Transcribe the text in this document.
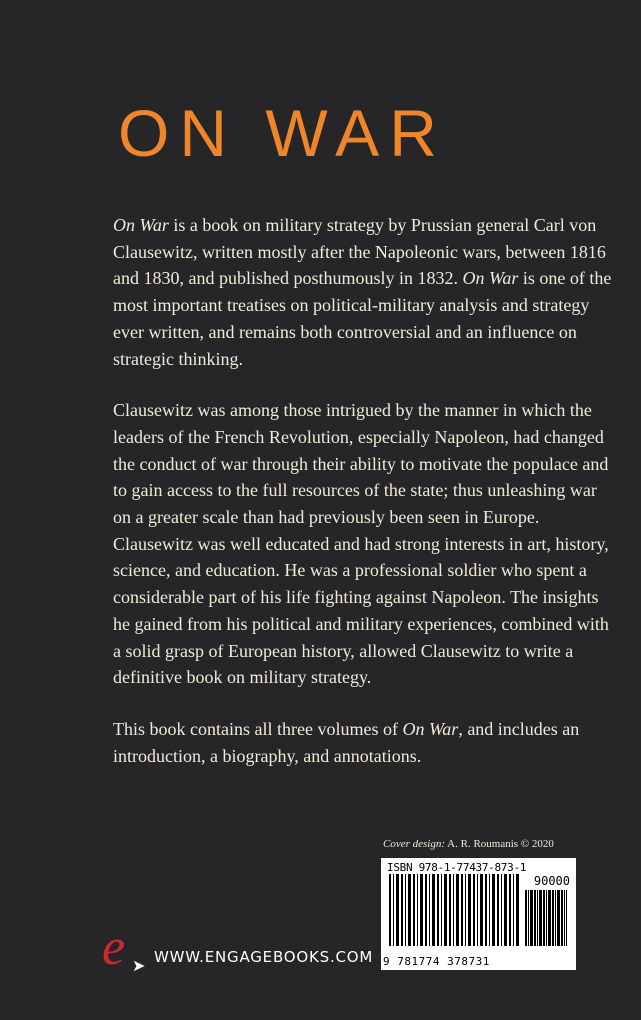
ON WAR

On War is a book on military strategy by Prussian general Carl von Clausewitz, written mostly after the Napoleonic wars, between 1816 and 1830, and published posthumously in 1832. On War is one of the most important treatises on political-military analysis and strategy ever written, and remains both controversial and an influence on strategic thinking.

Clausewitz was among those intrigued by the manner in which the leaders of the French Revolution, especially Napoleon, had changed the conduct of war through their ability to motivate the populace and to gain access to the full resources of the state; thus unleashing war on a greater scale than had previously been seen in Europe. Clausewitz was well educated and had strong interests in art, history, science, and education. He was a professional soldier who spent a considerable part of his life fighting against Napoleon. The insights he gained from his political and military experiences, combined with a solid grasp of European history, allowed Clausewitz to write a definitive book on military strategy.

This book contains all three volumes of On War, and includes an introduction, a biography, and annotations.

Cover design: A. R. Roumanis © 2020
ISBN 978-1-77437-873-1
90000
9 781774 378731
e ➤ WWW.ENGAGEBOOKS.COM
